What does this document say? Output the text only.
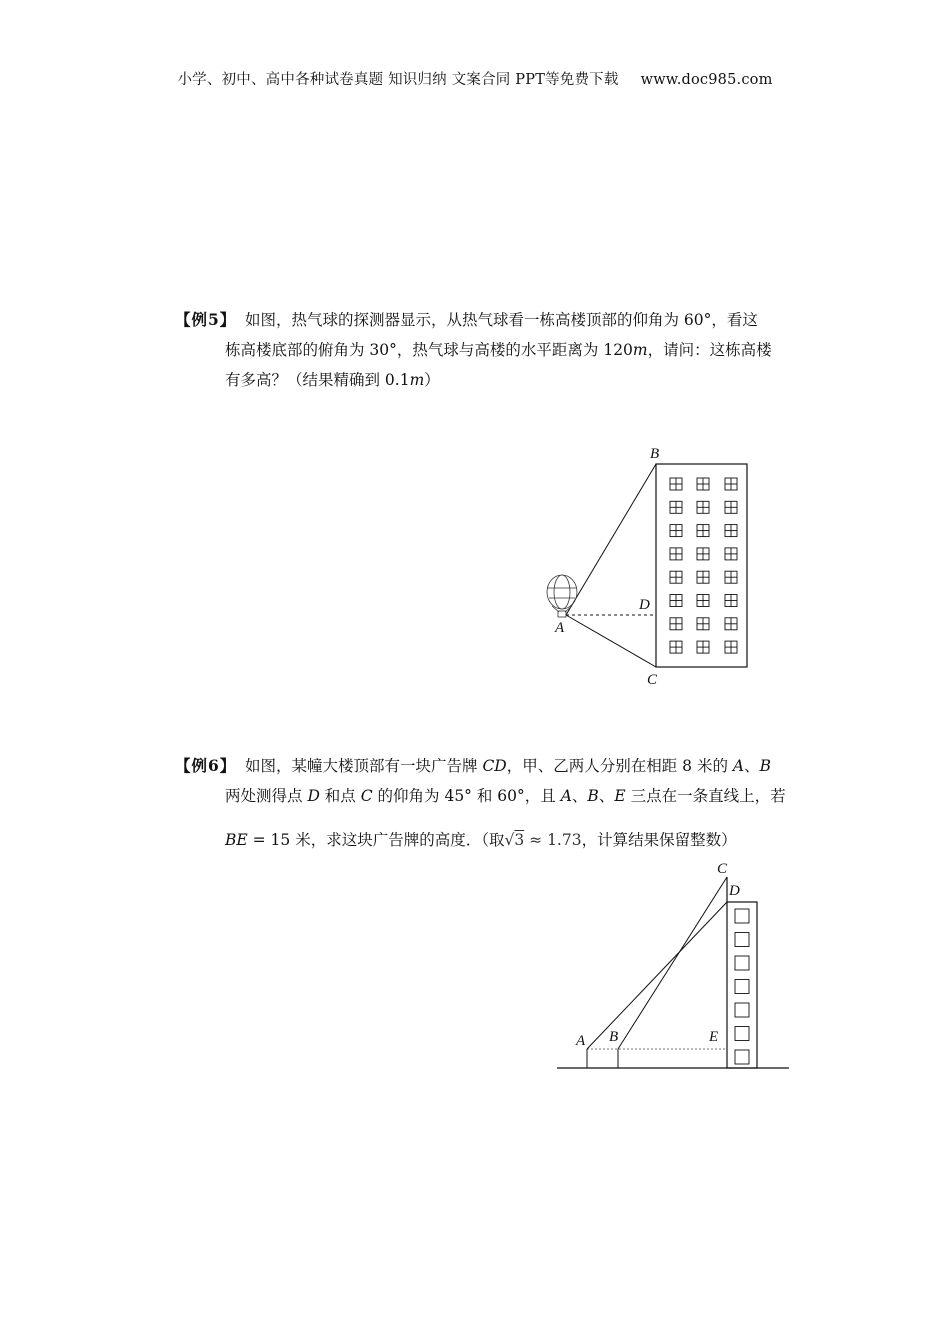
小学、初中、高中各种试卷真题 知识归纳 文案合同 PPT等免费下载 www.doc985.com
【例5】 如图，热气球的探测器显示，从热气球看一栋高楼顶部的仰角为 60°，看这
栋高楼底部的俯角为 30°，热气球与高楼的水平距离为 120m，请问：这栋高楼
有多高？（结果精确到 0.1m）
B
D
A
C
【例6】 如图，某幢大楼顶部有一块广告牌 CD，甲、乙两人分别在相距 8 米的 A、B
两处测得点 D 和点 C 的仰角为 45° 和 60°，且 A、B、E 三点在一条直线上，若
BE = 15 米，求这块广告牌的高度．（取√3 ≈ 1.73，计算结果保留整数）
C
D
A B	E
